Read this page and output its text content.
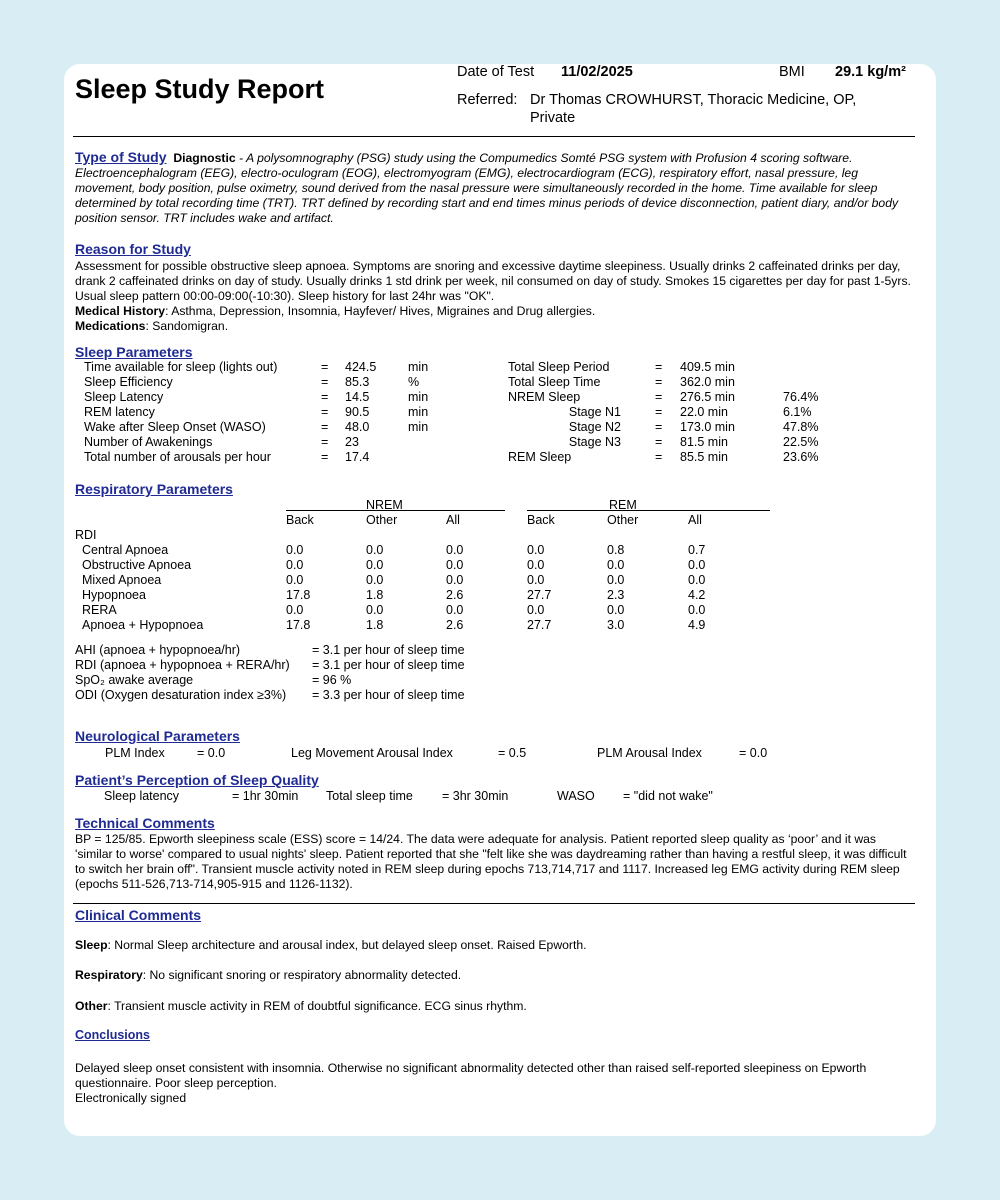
Sleep Study Report
Date of Test 11/02/2025	BMI 29.1 kg/m²
Referred: Dr Thomas CROWHURST, Thoracic Medicine, OP,
Private
Type of Study Diagnostic - A polysomnography (PSG) study using the Compumedics Somté PSG system with Profusion 4 scoring software. Electroencephalogram (EEG), electro-oculogram (EOG), electromyogram (EMG), electrocardiogram (ECG), respiratory effort, nasal pressure, leg movement, body position, pulse oximetry, sound derived from the nasal pressure were simultaneously recorded in the home. Time available for sleep determined by total recording time (TRT). TRT defined by recording start and end times minus periods of device disconnection, patient diary, and/or body position sensor. TRT includes wake and artifact.
Reason for Study
Assessment for possible obstructive sleep apnoea. Symptoms are snoring and excessive daytime sleepiness. Usually drinks 2 caffeinated drinks per day, drank 2 caffeinated drinks on day of study. Usually drinks 1 std drink per week, nil consumed on day of study. Smokes 15 cigarettes per day for past 1-5yrs. Usual sleep pattern 00:00-09:00(-10:30). Sleep history for last 24hr was "OK".
Medical History: Asthma, Depression, Insomnia, Hayfever/ Hives, Migraines and Drug allergies.
Medications: Sandomigran.
Sleep Parameters
Time available for sleep (lights out)	= 424.5	min
Sleep Efficiency	= 85.3	%
Sleep Latency	= 14.5	min
REM latency	= 90.5	min
Wake after Sleep Onset (WASO)	= 48.0	min
Number of Awakenings	= 23
Total number of arousals per hour	= 17.4
Total Sleep Period	= 409.5 min
Total Sleep Time	= 362.0 min
NREM Sleep	= 276.5 min	76.4%
Stage N1	= 22.0 min	6.1%
Stage N2	= 173.0 min	47.8%
Stage N3	= 81.5 min	22.5%
REM Sleep	= 85.5 min	23.6%
Respiratory Parameters
NREM	REM
Back	Other	All	Back	Other	All
RDI
Central Apnoea	0.0	0.0	0.0	0.0	0.8	0.7
Obstructive Apnoea	0.0	0.0	0.0	0.0	0.0	0.0
Mixed Apnoea	0.0	0.0	0.0	0.0	0.0	0.0
Hypopnoea	17.8	1.8	2.6	27.7	2.3	4.2
RERA	0.0	0.0	0.0	0.0	0.0	0.0
Apnoea + Hypopnoea	17.8	1.8	2.6	27.7	3.0	4.9
AHI (apnoea + hypopnoea/hr)	= 3.1 per hour of sleep time
RDI (apnoea + hypopnoea + RERA/hr) = 3.1 per hour of sleep time
SpO₂ awake average	= 96 %
ODI (Oxygen desaturation index ≥3%) = 3.3 per hour of sleep time
Neurological Parameters
PLM Index	= 0.0	Leg Movement Arousal Index	= 0.5	PLM Arousal Index	= 0.0
Patient’s Perception of Sleep Quality
Sleep latency	= 1hr 30min Total sleep time = 3hr 30min	WASO = "did not wake"
Technical Comments
BP = 125/85. Epworth sleepiness scale (ESS) score = 14/24. The data were adequate for analysis. Patient reported sleep quality as ‘poor’ and it was 'similar to worse' compared to usual nights' sleep. Patient reported that she "felt like she was daydreaming rather than having a restful sleep, it was difficult to switch her brain off". Transient muscle activity noted in REM sleep during epochs 713,714,717 and 1117. Increased leg EMG activity during REM sleep (epochs 511-526,713-714,905-915 and 1126-1132).
Clinical Comments
Sleep: Normal Sleep architecture and arousal index, but delayed sleep onset. Raised Epworth.
Respiratory: No significant snoring or respiratory abnormality detected.
Other: Transient muscle activity in REM of doubtful significance. ECG sinus rhythm.
Conclusions
Delayed sleep onset consistent with insomnia. Otherwise no significant abnormality detected other than raised self-reported sleepiness on Epworth questionnaire. Poor sleep perception.
Electronically signed
